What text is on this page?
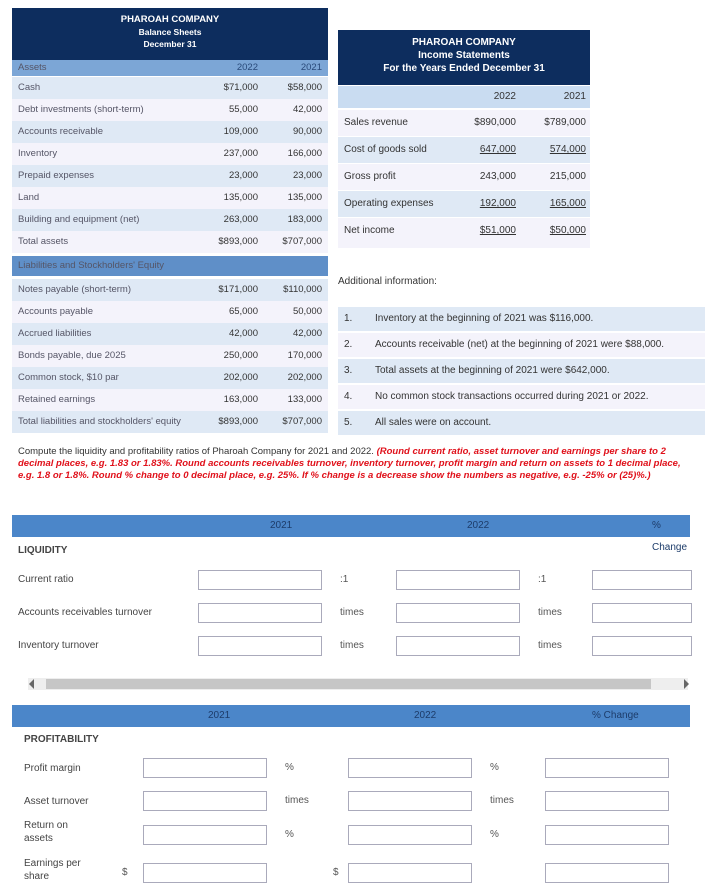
PHAROAH COMPANY
Balance Sheets
December 31
Assets	2022	2021
Cash	$71,000	$58,000
Debt investments (short-term)	55,000	42,000
Accounts receivable	109,000	90,000
Inventory	237,000	166,000
Prepaid expenses	23,000	23,000
Land	135,000	135,000
Building and equipment (net)	263,000	183,000
Total assets	$893,000	$707,000
Liabilities and Stockholders' Equity
Notes payable (short-term)	$171,000	$110,000
Accounts payable	65,000	50,000
Accrued liabilities	42,000	42,000
Bonds payable, due 2025	250,000	170,000
Common stock, $10 par	202,000	202,000
Retained earnings	163,000	133,000
Total liabilities and stockholders' equity	$893,000	$707,000
PHAROAH COMPANY
Income Statements
For the Years Ended December 31
2022	2021
Sales revenue	$890,000	$789,000
Cost of goods sold	647,000	574,000
Gross profit	243,000	215,000
Operating expenses	192,000	165,000
Net income	$51,000	$50,000
Additional information:
1. Inventory at the beginning of 2021 was $116,000.
2. Accounts receivable (net) at the beginning of 2021 were $88,000.
3. Total assets at the beginning of 2021 were $642,000.
4. No common stock transactions occurred during 2021 or 2022.
5. All sales were on account.
Compute the liquidity and profitability ratios of Pharoah Company for 2021 and 2022. (Round current ratio, asset turnover and earnings per share to 2 decimal places, e.g. 1.83 or 1.83%. Round accounts receivables turnover, inventory turnover, profit margin and return on assets to 1 decimal place, e.g. 1.8 or 1.8%. Round % change to 0 decimal place, e.g. 25%. If % change is a decrease show the numbers as negative, e.g. -25% or (25)%.)
2021	2022	% Change
LIQUIDITY
Current ratio	:1	:1
Accounts receivables turnover	times	times
Inventory turnover	times	times
2021	2022	% Change
PROFITABILITY
Profit margin	%	%
Asset turnover	times	times
Return on assets	%	%
Earnings per share	$	$
